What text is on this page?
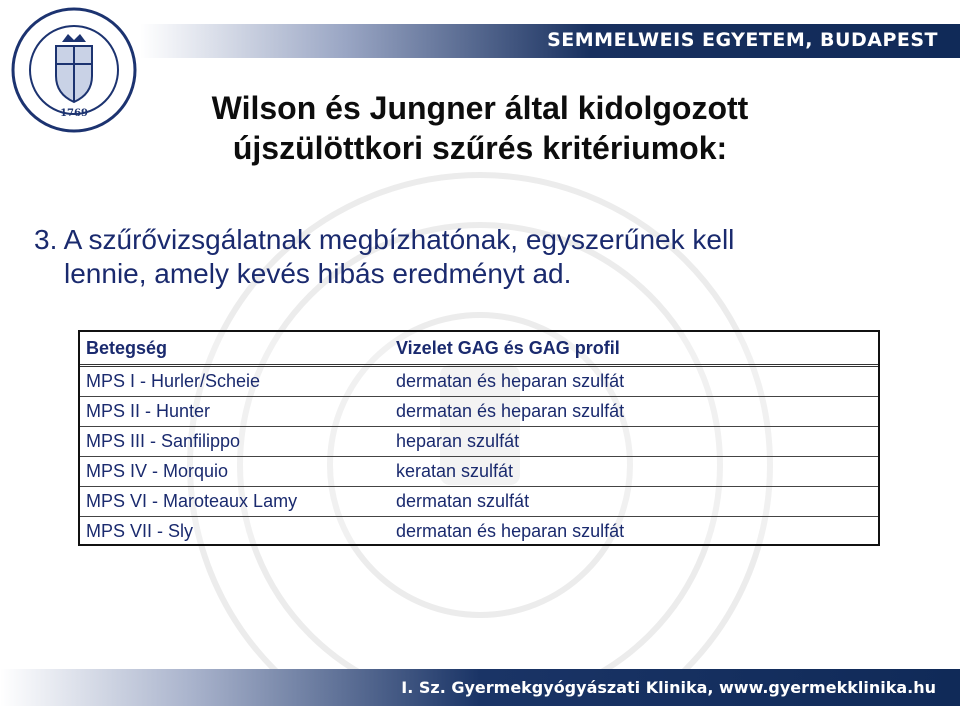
SEMMELWEIS EGYETEM, BUDAPEST
1769	Wilson és Jungner által kidolgozott
újszülöttkori szűrés kritériumok:
3. A szűrővizsgálatnak megbízhatónak, egyszerűnek kell
lennie, amely kevés hibás eredményt ad.
Betegség	Vizelet GAG és GAG profil
MPS I - Hurler/Scheie	dermatan és heparan szulfát
MPS II - Hunter	dermatan és heparan szulfát
MPS III - Sanfilippo	heparan szulfát
MPS IV - Morquio	keratan szulfát
MPS VI - Maroteaux Lamy	dermatan szulfát
MPS VII - Sly	dermatan és heparan szulfát
I. Sz. Gyermekgyógyászati Klinika, www.gyermekklinika.hu
